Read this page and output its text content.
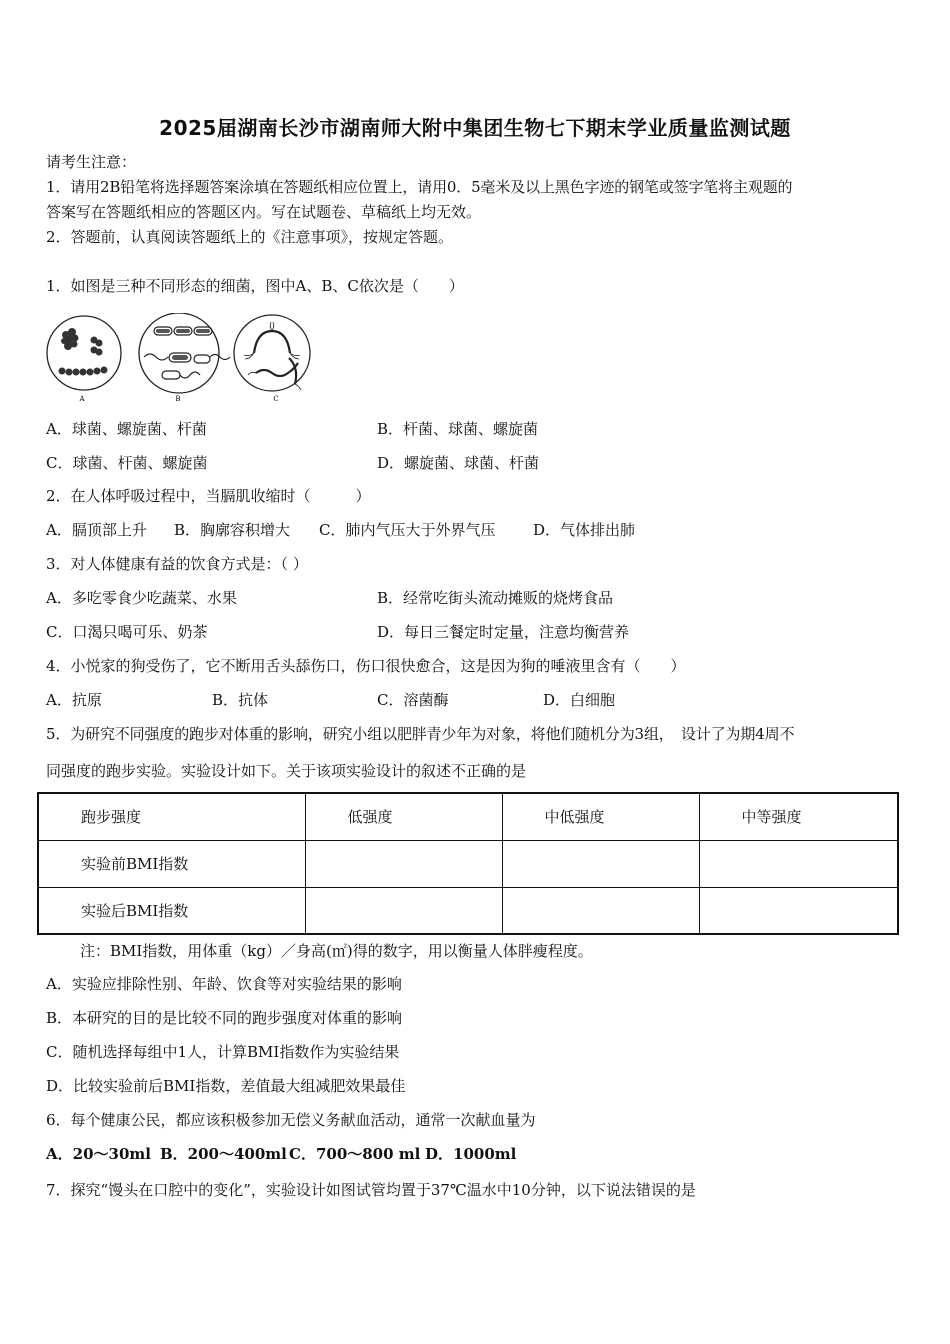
2025届湖南长沙市湖南师大附中集团生物七下期末学业质量监测试题
请考生注意：
1．请用2B铅笔将选择题答案涂填在答题纸相应位置上，请用0．5毫米及以上黑色字迹的钢笔或签字笔将主观题的
答案写在答题纸相应的答题区内。写在试题卷、草稿纸上均无效。
2．答题前，认真阅读答题纸上的《注意事项》，按规定答题。
1．如图是三种不同形态的细菌，图中A、B、C依次是（　　）
A	B	C
A．球菌、螺旋菌、杆菌	B．杆菌、球菌、螺旋菌
C．球菌、杆菌、螺旋菌	D．螺旋菌、球菌、杆菌
2．在人体呼吸过程中，当膈肌收缩时（　　　）
A．膈顶部上升 B．胸廓容积增大 C．肺内气压大于外界气压	D．气体排出肺
3．对人体健康有益的饮食方式是：（ ）
A．多吃零食少吃蔬菜、水果	B．经常吃街头流动摊贩的烧烤食品
C．口渴只喝可乐、奶茶	D．每日三餐定时定量，注意均衡营养
4．小悦家的狗受伤了，它不断用舌头舔伤口，伤口很快愈合，这是因为狗的唾液里含有（　　）
A．抗原	B．抗体	C．溶菌酶	D．白细胞
5．为研究不同强度的跑步对体重的影响，研究小组以肥胖青少年为对象，将他们随机分为3组，　设计了为期4周不
同强度的跑步实验。实验设计如下。关于该项实验设计的叙述不正确的是
跑步强度	低强度	中低强度	中等强度
实验前BMI指数			
实验后BMI指数			
注：BMI指数，用体重（kg）／身高(㎡)得的数字，用以衡量人体胖瘦程度。
A．实验应排除性别、年龄、饮食等对实验结果的影响
B．本研究的目的是比较不同的跑步强度对体重的影响
C．随机选择每组中1人，计算BMI指数作为实验结果
D．比较实验前后BMI指数，差值最大组减肥效果最佳
6．每个健康公民，都应该积极参加无偿义务献血活动，通常一次献血量为
A．20～30ml B．200～400ml C．700～800 ml D．1000ml
7．探究“馒头在口腔中的变化”，实验设计如图试管均置于37℃温水中10分钟，以下说法错误的是
